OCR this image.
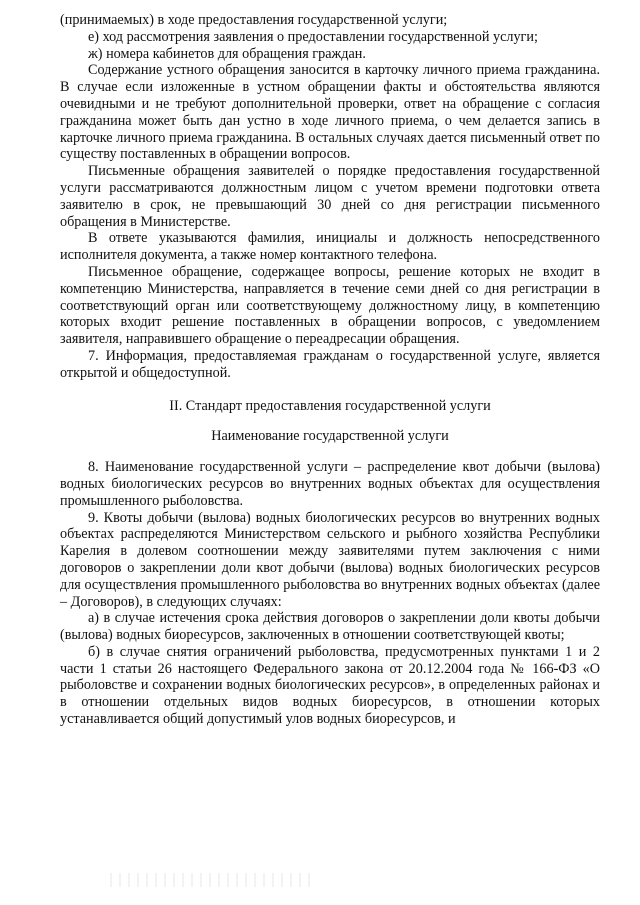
(принимаемых) в ходе предоставления государственной услуги;

е) ход рассмотрения заявления о предоставлении государственной услуги;

ж) номера кабинетов для обращения граждан.

Содержание устного обращения заносится в карточку личного приема гражданина. В случае если изложенные в устном обращении факты и обстоятельства являются очевидными и не требуют дополнительной проверки, ответ на обращение с согласия гражданина может быть дан устно в ходе личного приема, о чем делается запись в карточке личного приема гражданина. В остальных случаях дается письменный ответ по существу поставленных в обращении вопросов.

Письменные обращения заявителей о порядке предоставления государственной услуги рассматриваются должностным лицом с учетом времени подготовки ответа заявителю в срок, не превышающий 30 дней со дня регистрации письменного обращения в Министерстве.

В ответе указываются фамилия, инициалы и должность непосредственного исполнителя документа, а также номер контактного телефона.

Письменное обращение, содержащее вопросы, решение которых не входит в компетенцию Министерства, направляется в течение семи дней со дня регистрации в соответствующий орган или соответствующему должностному лицу, в компетенцию которых входит решение поставленных в обращении вопросов, с уведомлением заявителя, направившего обращение о переадресации обращения.

7. Информация, предоставляемая гражданам о государственной услуге, является открытой и общедоступной.

II. Стандарт предоставления государственной услуги

Наименование государственной услуги

8. Наименование государственной услуги – распределение квот добычи (вылова) водных биологических ресурсов во внутренних водных объектах для осуществления промышленного рыболовства.

9. Квоты добычи (вылова) водных биологических ресурсов во внутренних водных объектах распределяются Министерством сельского и рыбного хозяйства Республики Карелия в долевом соотношении между заявителями путем заключения с ними договоров о закреплении доли квот добычи (вылова) водных биологических ресурсов для осуществления промышленного рыболовства во внутренних водных объектах (далее – Договоров), в следующих случаях:

а) в случае истечения срока действия договоров о закреплении доли квоты добычи (вылова) водных биоресурсов, заключенных в отношении соответствующей квоты;

б) в случае снятия ограничений рыболовства, предусмотренных пунктами 1 и 2 части 1 статьи 26 настоящего Федерального закона от 20.12.2004 года № 166-ФЗ «О рыболовстве и сохранении водных биологических ресурсов», в определенных районах и в отношении отдельных видов водных биоресурсов, в отношении которых устанавливается общий допустимый улов водных биоресурсов, и
